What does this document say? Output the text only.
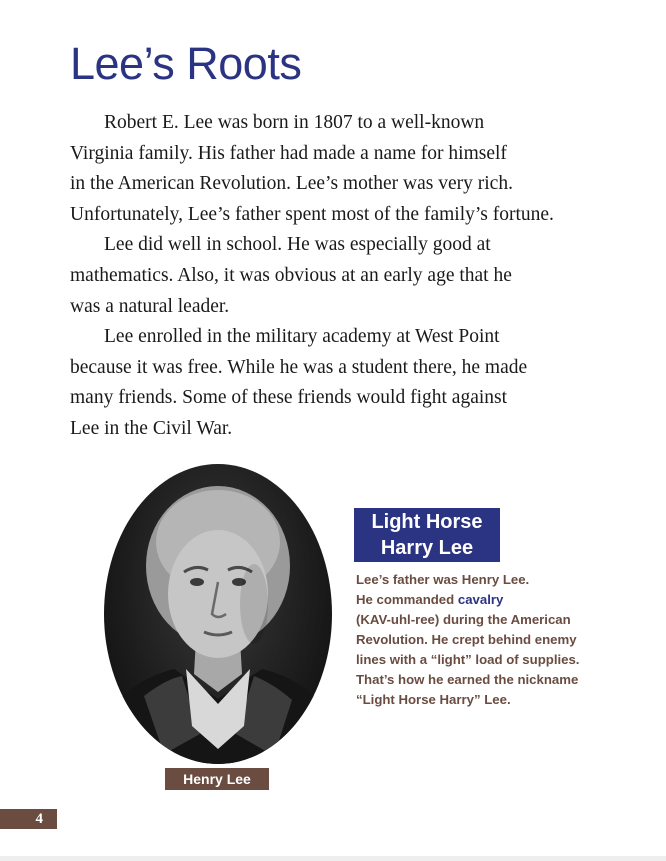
Lee’s Roots
Robert E. Lee was born in 1807 to a well-known
Virginia family. His father had made a name for himself
in the American Revolution. Lee’s mother was very rich.
Unfortunately, Lee’s father spent most of the family’s fortune.
Lee did well in school. He was especially good at
mathematics. Also, it was obvious at an early age that he
was a natural leader.
Lee enrolled in the military academy at West Point
because it was free. While he was a student there, he made
many friends. Some of these friends would fight against
Lee in the Civil War.
Henry Lee
Light Horse
Harry Lee
Lee’s father was Henry Lee.
He commanded cavalry
(KAV-uhl-ree) during the American
Revolution. He crept behind enemy
lines with a “light” load of supplies.
That’s how he earned the nickname
“Light Horse Harry” Lee.
4
